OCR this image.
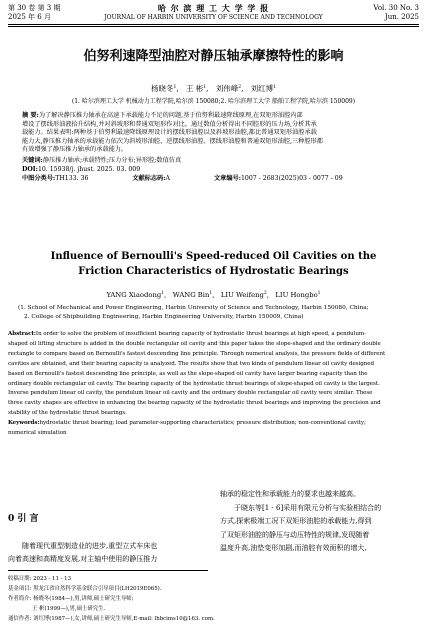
第 30 卷 第 3 期
2025 年 6 月
哈 尔 滨 理 工 大 学 学 报
JOURNAL OF HARBIN UNIVERSITY OF SCIENCE AND TECHNOLOGY
Vol. 30 No. 3
Jun. 2025
伯努利速降型油腔对静压轴承摩擦特性的影响
杨晓冬$^1$,   王 彬$^1$,   刘伟峰$^2$,   刘红博$^1$
(1. 哈尔滨理工大学 机械动力工程学院,哈尔滨 150080;2. 哈尔滨理工大学 船舶工程学院,哈尔滨 150009)
摘 要:为了解决静压推力轴承在高速下承载能力不足的问题,基于伯努利最速降线原理,在双矩形油腔内部
增设了摆线形油液拾升结构,并对斜坡形和普通双矩形作对比。通过数值分析得出不同腔形的压力场,分析其承
载能力。结果表明:两种基于伯努利最速降线原理设计的摆线形油腔以及斜坡形油腔,都比普通双矩形油腔承载
能力大,静压推力轴承的承载能力依次为斜坡形油腔、逆摆线形油腔、摆线形油腔和普通双矩形油腔,三种腔形都
有效增强了静压推力轴承的承载能力。
关键词:静压推力轴承;承载特性;压力分布;异形腔;数值仿真
DOI:10. 15938/j. jhust. 2025. 03. 009
中图分类号:TH133. 36	文献标志码:A	文章编号:1007 - 2683(2025)03 - 0077 - 09
Influence of Bernoulli's Speed-reduced Oil Cavities on the
Friction Characteristics of Hydrostatic Bearings
YANG Xiaodong$^1$,   WANG Bin$^1$,   LIU Weifeng$^2$,   LIU Hongbo$^1$
(1. School of Mechanical and Power Engineering, Harbin University of Science and Technology, Harbin 150080, China;
2. College of Shipbuilding Engineering, Harbin Engineering University, Harbin 150009, China)
Abstract:In order to solve the problem of insufficient bearing capacity of hydrostatic thrust bearings at high speed, a pendulum-
shaped oil lifting structure is added in the double rectangular oil cavity and this paper takes the slope-shaped and the ordinary double
rectangle to compare based on Bernoulli's fastest descending line principle. Through numerical analysis, the pressure fields of different
cavities are obtained, and their bearing capacity is analyzed. The results show that two kinds of pendulum linear oil cavity designed
based on Bernoulli's fastest descending line principle, as well as the slope-shaped oil cavity have larger bearing capacity than the
ordinary double rectangular oil cavity. The bearing capacity of the hydrostatic thrust bearings of slope-shaped oil cavity is the largest.
Inverse pendulum linear oil cavity, the pendulum linear oil cavity and the ordinary double rectangular oil cavity were similar. These
three cavity shapes are effective in enhancing the bearing capacity of the hydrostatic thrust bearings and improving the precision and
stability of the hydrostatic thrust bearings.
Keywords:hydrostatic thrust bearing; load parameter-supporting characteristics; pressure distribution; non-conventional cavity;
numerical simulation
0 引 言
随着现代重型制造业的进步,重型立式车床也
向着高速和高精度发展,对主轴中使用的静压推力
轴承的稳定性和承载能力的要求也越来越高。
于晓东等[1 - 6]采用有限元分析与实验相结合的
方式,探索极端工况下双矩形油腔的承载能力,得到
了双矩形油腔的静压与动压特性的规律,发现随着
温度升高,油垫变形加剧,而油腔有效面积的增大,
收稿日期: 2023 - 11 - 13
基金项目: 黑龙江省自然科学基金联合引导项目(LH2019E065).
作者简介: 杨晓冬(1984—),男,讲师,硕士研究生导师;
王 彬(1999—),男,硕士研究生.
通信作者: 刘红博(1987—),女,讲师,硕士研究生导师,E-mail: lhbcims10@163. com.
